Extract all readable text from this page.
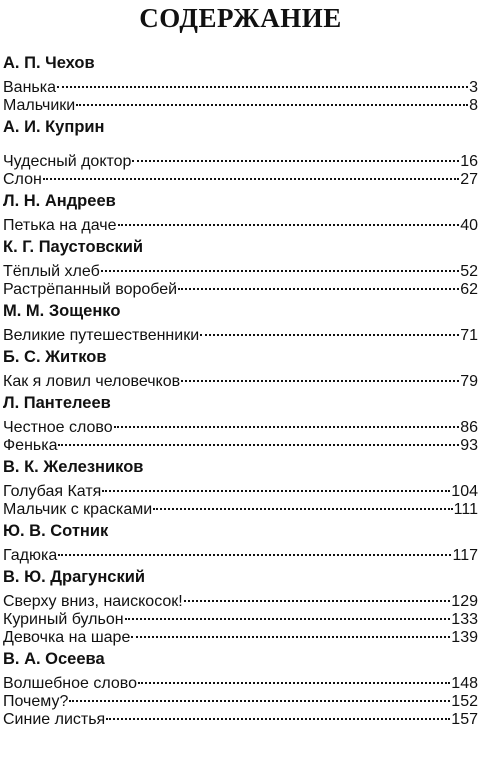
СОДЕРЖАНИЕ
А. П. Чехов
Ванька	3
Мальчики	8
А. И. Куприн
Чудесный доктор	16
Слон	27
Л. Н. Андреев
Петька на даче	40
К. Г. Паустовский
Тёплый хлеб	52
Растрёпанный воробей	62
М. М. Зощенко
Великие путешественники	71
Б. С. Житков
Как я ловил человечков	79
Л. Пантелеев
Честное слово	86
Фенька	93
В. К. Железников
Голубая Катя	104
Мальчик с красками	111
Ю. В. Сотник
Гадюка	117
В. Ю. Драгунский
Сверху вниз, наискосок!	129
Куриный бульон	133
Девочка на шаре	139
В. А. Осеева
Волшебное слово	148
Почему?	152
Синие листья	157
